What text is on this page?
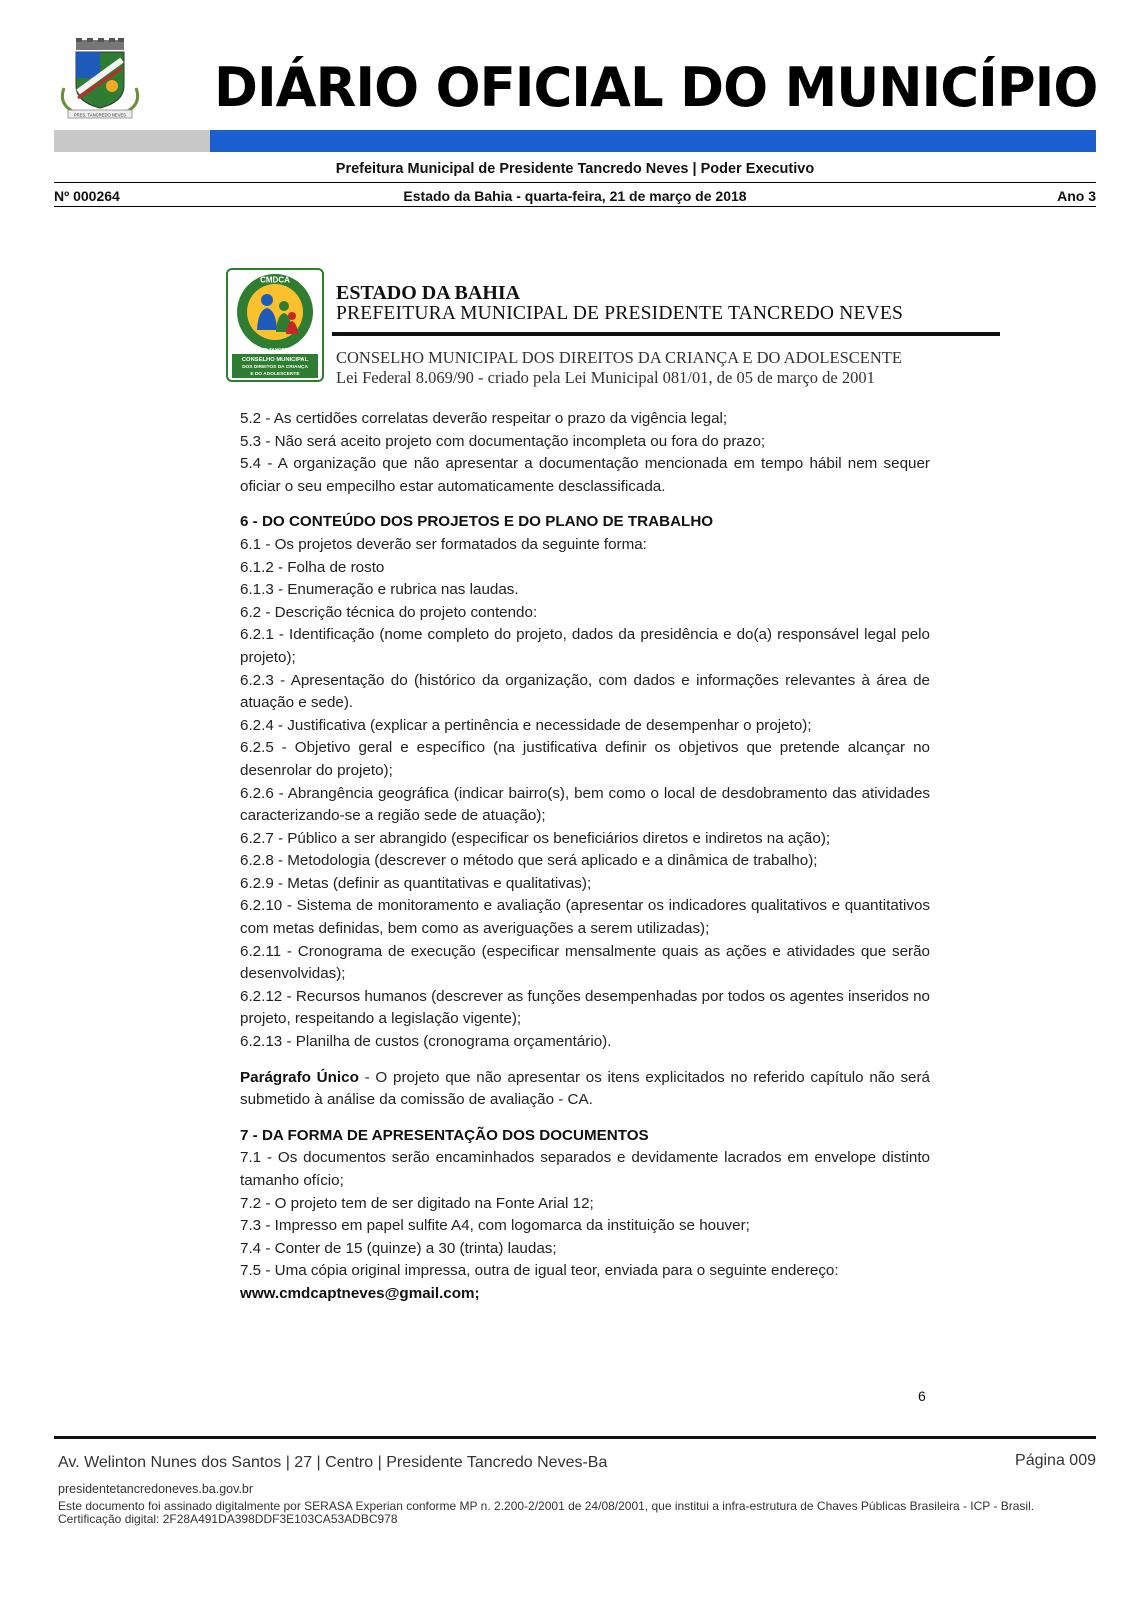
PRES. TANCREDO NEVES DIÁRIO OFICIAL DO MUNICÍPIO
Prefeitura Municipal de Presidente Tancredo Neves | Poder Executivo
Nº 000264	Estado da Bahia - quarta-feira, 21 de março de 2018	Ano 3
CMDCA
PRESIDENTE TANCREDO NEVES
CONSELHO MUNICIPAL
DOS DIREITOS DA CRIANÇA
E DO ADOLESCENTE
ESTADO DA BAHIA
PREFEITURA MUNICIPAL DE PRESIDENTE TANCREDO NEVES
CONSELHO MUNICIPAL DOS DIREITOS DA CRIANÇA E DO ADOLESCENTE
Lei Federal 8.069/90 - criado pela Lei Municipal 081/01, de 05 de março de 2001

5.2 - As certidões correlatas deverão respeitar o prazo da vigência legal;

5.3 - Não será aceito projeto com documentação incompleta ou fora do prazo;

5.4 - A organização que não apresentar a documentação mencionada em tempo hábil nem sequer oficiar o seu empecilho estar automaticamente desclassificada.

6 - DO CONTEÚDO DOS PROJETOS E DO PLANO DE TRABALHO

6.1 - Os projetos deverão ser formatados da seguinte forma:

6.1.2 - Folha de rosto

6.1.3 - Enumeração e rubrica nas laudas.

6.2 - Descrição técnica do projeto contendo:

6.2.1 - Identificação (nome completo do projeto, dados da presidência e do(a) responsável legal pelo projeto);

6.2.3 - Apresentação do (histórico da organização, com dados e informações relevantes à área de atuação e sede).

6.2.4 - Justificativa (explicar a pertinência e necessidade de desempenhar o projeto);

6.2.5 - Objetivo geral e específico (na justificativa definir os objetivos que pretende alcançar no desenrolar do projeto);

6.2.6 - Abrangência geográfica (indicar bairro(s), bem como o local de desdobramento das atividades caracterizando-se a região sede de atuação);

6.2.7 - Público a ser abrangido (especificar os beneficiários diretos e indiretos na ação);

6.2.8 - Metodologia (descrever o método que será aplicado e a dinâmica de trabalho);

6.2.9 - Metas (definir as quantitativas e qualitativas);

6.2.10 - Sistema de monitoramento e avaliação (apresentar os indicadores qualitativos e quantitativos com metas definidas, bem como as averiguações a serem utilizadas);

6.2.11 - Cronograma de execução (especificar mensalmente quais as ações e atividades que serão desenvolvidas);

6.2.12 - Recursos humanos (descrever as funções desempenhadas por todos os agentes inseridos no projeto, respeitando a legislação vigente);

6.2.13 - Planilha de custos (cronograma orçamentário).

Parágrafo Único - O projeto que não apresentar os itens explicitados no referido capítulo não será submetido à análise da comissão de avaliação - CA.

7 - DA FORMA DE APRESENTAÇÃO DOS DOCUMENTOS

7.1 - Os documentos serão encaminhados separados e devidamente lacrados em envelope distinto tamanho ofício;

7.2 - O projeto tem de ser digitado na Fonte Arial 12;

7.3 - Impresso em papel sulfite A4, com logomarca da instituição se houver;

7.4 - Conter de 15 (quinze) a 30 (trinta) laudas;

7.5 - Uma cópia original impressa, outra de igual teor, enviada para o seguinte endereço:

www.cmdcaptneves@gmail.com;

6
Av. Welinton Nunes dos Santos | 27 | Centro | Presidente Tancredo Neves-Ba	Página 009
presidentetancredoneves.ba.gov.br
Este documento foi assinado digitalmente por SERASA Experian conforme MP n. 2.200-2/2001 de 24/08/2001, que institui a infra-estrutura de Chaves Públicas Brasileira - ICP - Brasil. Certificação digital: 2F28A491DA398DDF3E103CA53ADBC978
